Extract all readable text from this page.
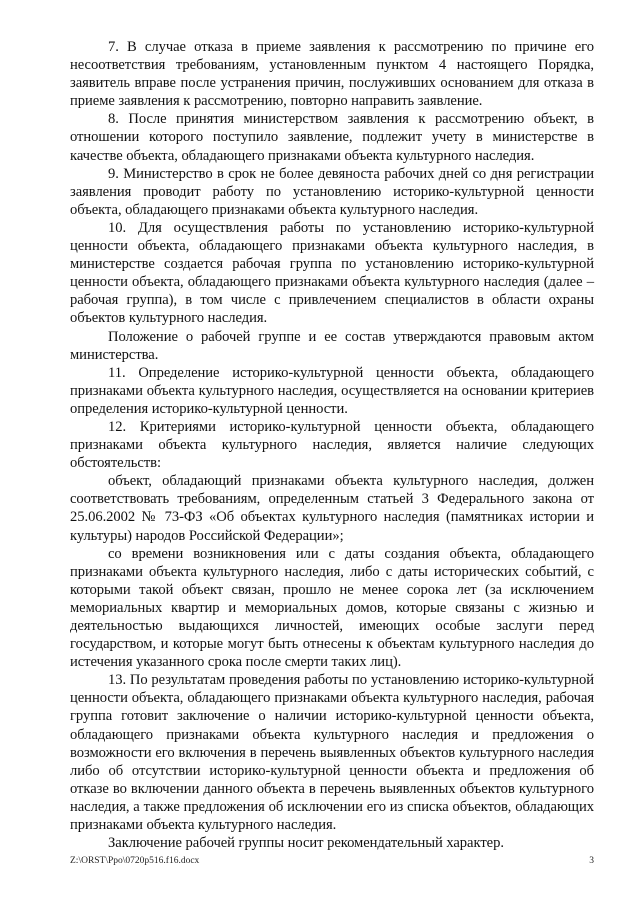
7. В случае отказа в приеме заявления к рассмотрению по причине его несоответствия требованиям, установленным пунктом 4 настоящего Порядка, заявитель вправе после устранения причин, послуживших основанием для отказа в приеме заявления к рассмотрению, повторно направить заявление.

8. После принятия министерством заявления к рассмотрению объект, в отношении которого поступило заявление, подлежит учету в министерстве в качестве объекта, обладающего признаками объекта культурного наследия.

9. Министерство в срок не более девяноста рабочих дней со дня регистрации заявления проводит работу по установлению историко-культурной ценности объекта, обладающего признаками объекта культурного наследия.

10. Для осуществления работы по установлению историко-культурной ценности объекта, обладающего признаками объекта культурного наследия, в министерстве создается рабочая группа по установлению историко-культурной ценности объекта, обладающего признаками объекта культурного наследия (далее – рабочая группа), в том числе с привлечением специалистов в области охраны объектов культурного наследия.

Положение о рабочей группе и ее состав утверждаются правовым актом министерства.

11. Определение историко-культурной ценности объекта, обладающего признаками объекта культурного наследия, осуществляется на основании критериев определения историко-культурной ценности.

12. Критериями историко-культурной ценности объекта, обладающего признаками объекта культурного наследия, является наличие следующих обстоятельств:

объект, обладающий признаками объекта культурного наследия, должен соответствовать требованиям, определенным статьей 3 Федерального закона от 25.06.2002 № 73-ФЗ «Об объектах культурного наследия (памятниках истории и культуры) народов Российской Федерации»;

со времени возникновения или с даты создания объекта, обладающего признаками объекта культурного наследия, либо с даты исторических событий, с которыми такой объект связан, прошло не менее сорока лет (за исключением мемориальных квартир и мемориальных домов, которые связаны с жизнью и деятельностью выдающихся личностей, имеющих особые заслуги перед государством, и которые могут быть отнесены к объектам культурного наследия до истечения указанного срока после смерти таких лиц).

13. По результатам проведения работы по установлению историко-культурной ценности объекта, обладающего признаками объекта культурного наследия, рабочая группа готовит заключение о наличии историко-культурной ценности объекта, обладающего признаками объекта культурного наследия и предложения о возможности его включения в перечень выявленных объектов культурного наследия либо об отсутствии историко-культурной ценности объекта и предложения об отказе во включении данного объекта в перечень выявленных объектов культурного наследия, а также предложения об исключении его из списка объектов, обладающих признаками объекта культурного наследия.

Заключение рабочей группы носит рекомендательный характер.

Z:\ORST\Ppo\0720p516.f16.docx	3
